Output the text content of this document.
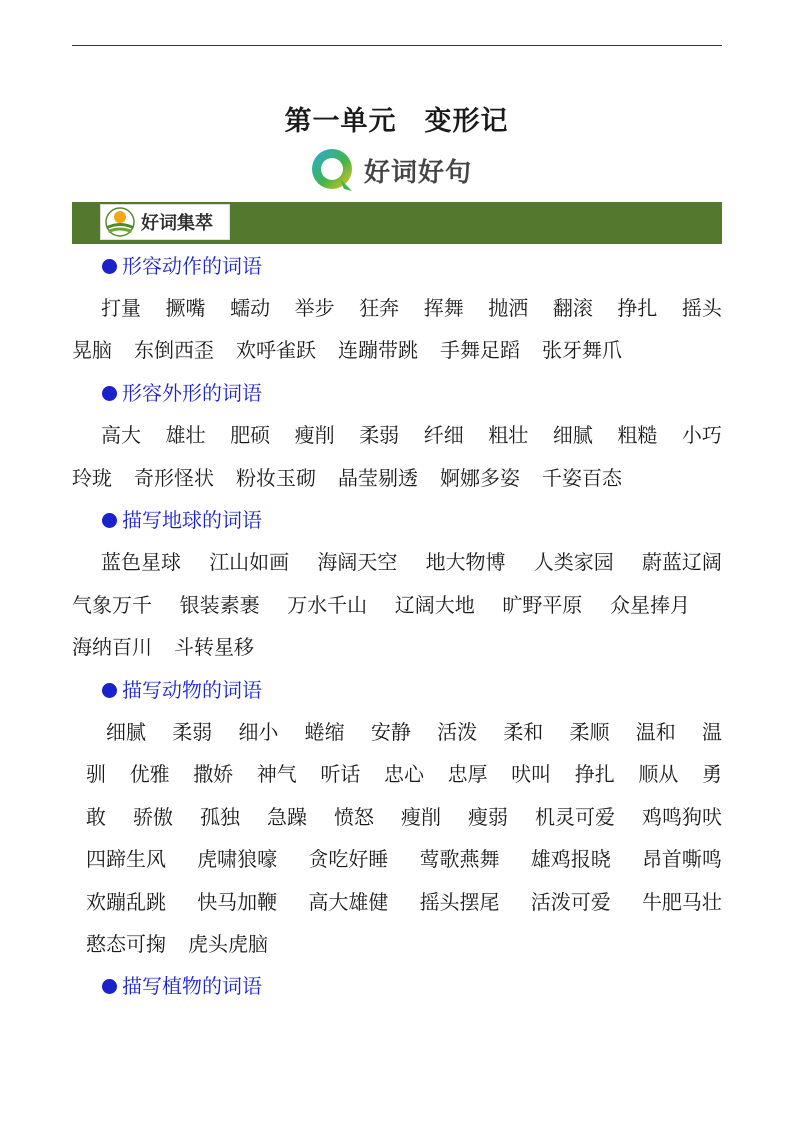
第一单元　变形记
好词好句
好词集萃
形容动作的词语
打量 撅嘴 蠕动 举步 狂奔 挥舞 抛洒 翻滚 挣扎 摇头
晃脑 东倒西歪 欢呼雀跃 连蹦带跳 手舞足蹈 张牙舞爪
形容外形的词语
高大 雄壮 肥硕 瘦削 柔弱 纤细 粗壮 细腻 粗糙 小巧
玲珑 奇形怪状 粉妆玉砌 晶莹剔透 婀娜多姿 千姿百态
描写地球的词语
蓝色星球 江山如画 海阔天空 地大物博 人类家园 蔚蓝辽阔
气象万千 银装素裹 万水千山 辽阔大地 旷野平原 众星捧月
海纳百川 斗转星移
描写动物的词语
细腻 柔弱 细小 蜷缩 安静 活泼 柔和 柔顺 温和 温
驯 优雅 撒娇 神气 听话 忠心 忠厚 吠叫 挣扎 顺从 勇
敢 骄傲 孤独 急躁 愤怒 瘦削 瘦弱 机灵可爱 鸡鸣狗吠
四蹄生风 虎啸狼嚎 贪吃好睡 莺歌燕舞 雄鸡报晓 昂首嘶鸣
欢蹦乱跳 快马加鞭 高大雄健 摇头摆尾 活泼可爱 牛肥马壮
憨态可掬 虎头虎脑
描写植物的词语
